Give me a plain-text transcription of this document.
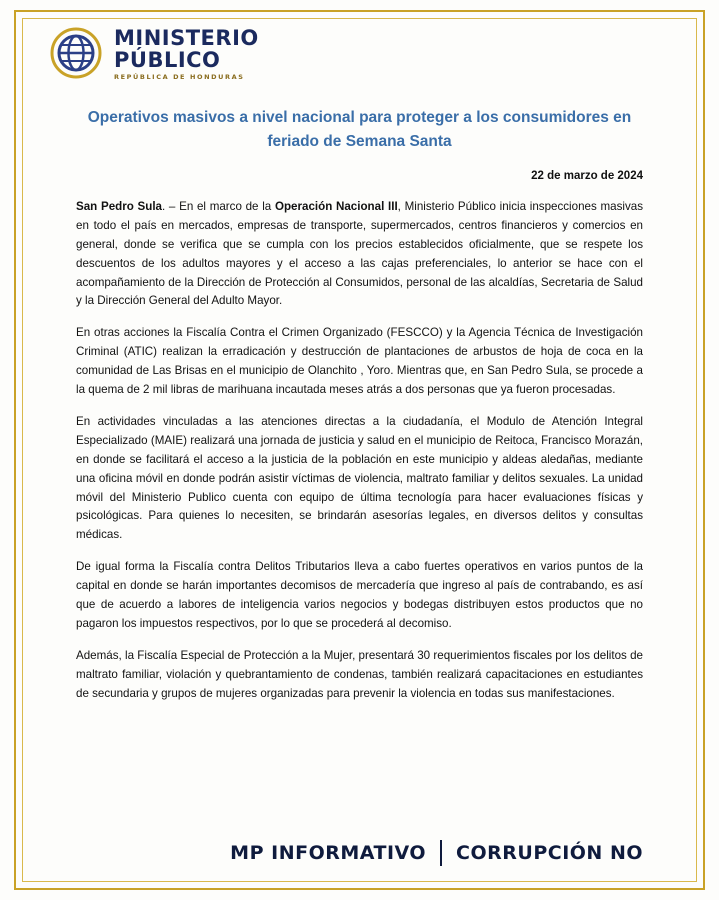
MINISTERIO
PÚBLICO
REPÚBLICA DE HONDURAS
Operativos masivos a nivel nacional para proteger a los consumidores en feriado de Semana Santa
22 de marzo de 2024

San Pedro Sula. – En el marco de la Operación Nacional III, Ministerio Público inicia inspecciones masivas en todo el país en mercados, empresas de transporte, supermercados, centros financieros y comercios en general, donde se verifica que se cumpla con los precios establecidos oficialmente, que se respete los descuentos de los adultos mayores y el acceso a las cajas preferenciales, lo anterior se hace con el acompañamiento de la Dirección de Protección al Consumidos, personal de las alcaldías, Secretaria de Salud y la Dirección General del Adulto Mayor.

En otras acciones la Fiscalía Contra el Crimen Organizado (FESCCO) y la Agencia Técnica de Investigación Criminal (ATIC) realizan la erradicación y destrucción de plantaciones de arbustos de hoja de coca en la comunidad de Las Brisas en el municipio de Olanchito , Yoro. Mientras que, en San Pedro Sula, se procede a la quema de 2 mil libras de marihuana incautada meses atrás a dos personas que ya fueron procesadas.

En actividades vinculadas a las atenciones directas a la ciudadanía, el Modulo de Atención Integral Especializado (MAIE) realizará una jornada de justicia y salud en el municipio de Reitoca, Francisco Morazán, en donde se facilitará el acceso a la justicia de la población en este municipio y aldeas aledañas, mediante una oficina móvil en donde podrán asistir víctimas de violencia, maltrato familiar y delitos sexuales. La unidad móvil del Ministerio Publico cuenta con equipo de última tecnología para hacer evaluaciones físicas y psicológicas. Para quienes lo necesiten, se brindarán asesorías legales, en diversos delitos y consultas médicas.

De igual forma la Fiscalía contra Delitos Tributarios lleva a cabo fuertes operativos en varios puntos de la capital en donde se harán importantes decomisos de mercadería que ingreso al país de contrabando, es así que de acuerdo a labores de inteligencia varios negocios y bodegas distribuyen estos productos que no pagaron los impuestos respectivos, por lo que se procederá al decomiso.

Además, la Fiscalía Especial de Protección a la Mujer, presentará 30 requerimientos fiscales por los delitos de maltrato familiar, violación y quebrantamiento de condenas, también realizará capacitaciones en estudiantes de secundaria y grupos de mujeres organizadas para prevenir la violencia en todas sus manifestaciones.

MP INFORMATIVO CORRUPCIÓN NO
